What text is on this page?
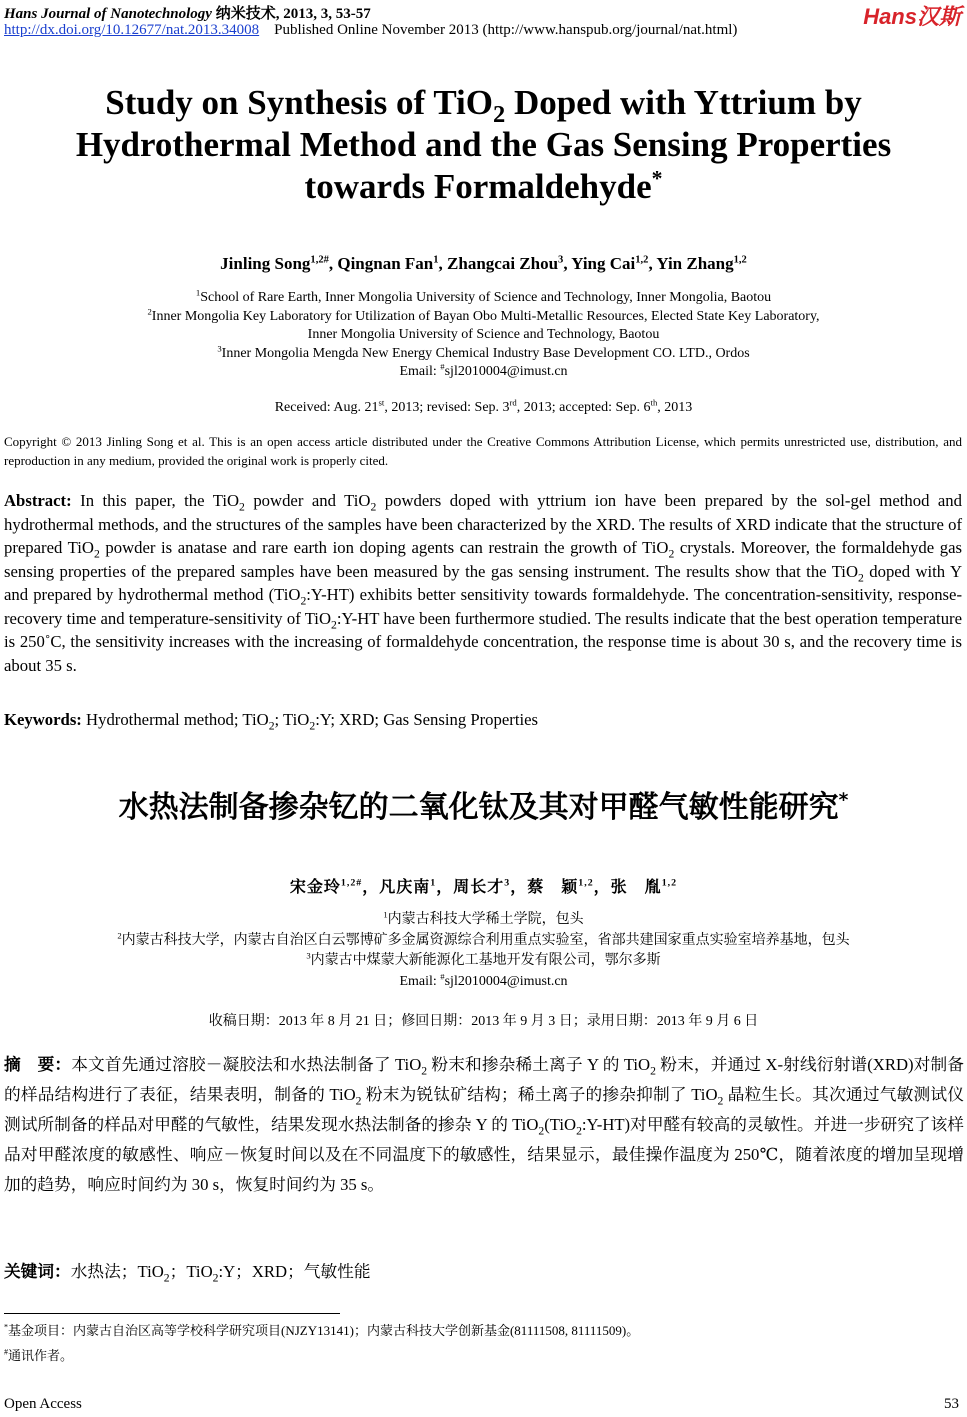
Hans Journal of Nanotechnology 纳米技术, 2013, 3, 53-57
http://dx.doi.org/10.12677/nat.2013.34008 Published Online November 2013 (http://www.hanspub.org/journal/nat.html)
Hans汉斯
Study on Synthesis of TiO$_2$ Doped with Yttrium by
Hydrothermal Method and the Gas Sensing Properties
towards Formaldehyde*
Jinling Song$^{1,2\#}$, Qingnan Fan$^1$, Zhangcai Zhou$^3$, Ying Cai$^{1,2}$, Yin Zhang$^{1,2}$
$^1$School of Rare Earth, Inner Mongolia University of Science and Technology, Inner Mongolia, Baotou
$^2$Inner Mongolia Key Laboratory for Utilization of Bayan Obo Multi-Metallic Resources, Elected State Key Laboratory,
Inner Mongolia University of Science and Technology, Baotou
$^3$Inner Mongolia Mengda New Energy Chemical Industry Base Development CO. LTD., Ordos
Email: #sjl2010004@imust.cn
Received: Aug. 21st, 2013; revised: Sep. 3rd, 2013; accepted: Sep. 6th, 2013
Copyright © 2013 Jinling Song et al. This is an open access article distributed under the Creative Commons Attribution License, which permits unrestricted use, distribution, and reproduction in any medium, provided the original work is properly cited.
Abstract: In this paper, the TiO$_2$ powder and TiO$_2$ powders doped with yttrium ion have been prepared by the sol-gel method and hydrothermal methods, and the structures of the samples have been characterized by the XRD. The results of XRD indicate that the structure of prepared TiO$_2$ powder is anatase and rare earth ion doping agents can restrain the growth of TiO$_2$ crystals. Moreover, the formaldehyde gas sensing properties of the prepared samples have been measured by the gas sensing instrument. The results show that the TiO$_2$ doped with Y and prepared by hydrothermal method (TiO$_2$:Y-HT) exhibits better sensitivity towards formaldehyde. The concentration-sensitivity, response-recovery time and temperature-sensitivity of TiO$_2$:Y-HT have been furthermore studied. The results indicate that the best operation temperature is 250˚C, the sensitivity increases with the increasing of formaldehyde concentration, the response time is about 30 s, and the recovery time is about 35 s.
Keywords: Hydrothermal method; TiO$_2$; TiO$_2$:Y; XRD; Gas Sensing Properties
水热法制备掺杂钇的二氧化钛及其对甲醛气敏性能研究*
宋金玲$^{1,2\#}$，凡庆南$^1$，周长才$^3$，蔡　颖$^{1,2}$，张　胤$^{1,2}$
$^1$内蒙古科技大学稀土学院，包头
$^2$内蒙古科技大学，内蒙古自治区白云鄂博矿多金属资源综合利用重点实验室，省部共建国家重点实验室培养基地，包头
$^3$内蒙古中煤蒙大新能源化工基地开发有限公司，鄂尔多斯
Email: #sjl2010004@imust.cn
收稿日期：2013 年 8 月 21 日；修回日期：2013 年 9 月 3 日；录用日期：2013 年 9 月 6 日
摘　要：本文首先通过溶胶－凝胶法和水热法制备了 TiO$_2$ 粉末和掺杂稀土离子 Y 的 TiO$_2$ 粉末，并通过 X-射线衍射谱(XRD)对制备的样品结构进行了表征，结果表明，制备的 TiO$_2$ 粉末为锐钛矿结构；稀土离子的掺杂抑制了 TiO$_2$ 晶粒生长。其次通过气敏测试仪测试所制备的样品对甲醛的气敏性，结果发现水热法制备的掺杂 Y 的 TiO$_2$(TiO$_2$:Y-HT)对甲醛有较高的灵敏性。并进一步研究了该样品对甲醛浓度的敏感性、响应－恢复时间以及在不同温度下的敏感性，结果显示，最佳操作温度为 250℃，随着浓度的增加呈现增加的趋势，响应时间约为 30 s，恢复时间约为 35 s。
关键词：水热法；TiO$_2$；TiO$_2$:Y；XRD；气敏性能
*基金项目：内蒙古自治区高等学校科学研究项目(NJZY13141)；内蒙古科技大学创新基金(81111508, 81111509)。
#通讯作者。
Open Access	53
